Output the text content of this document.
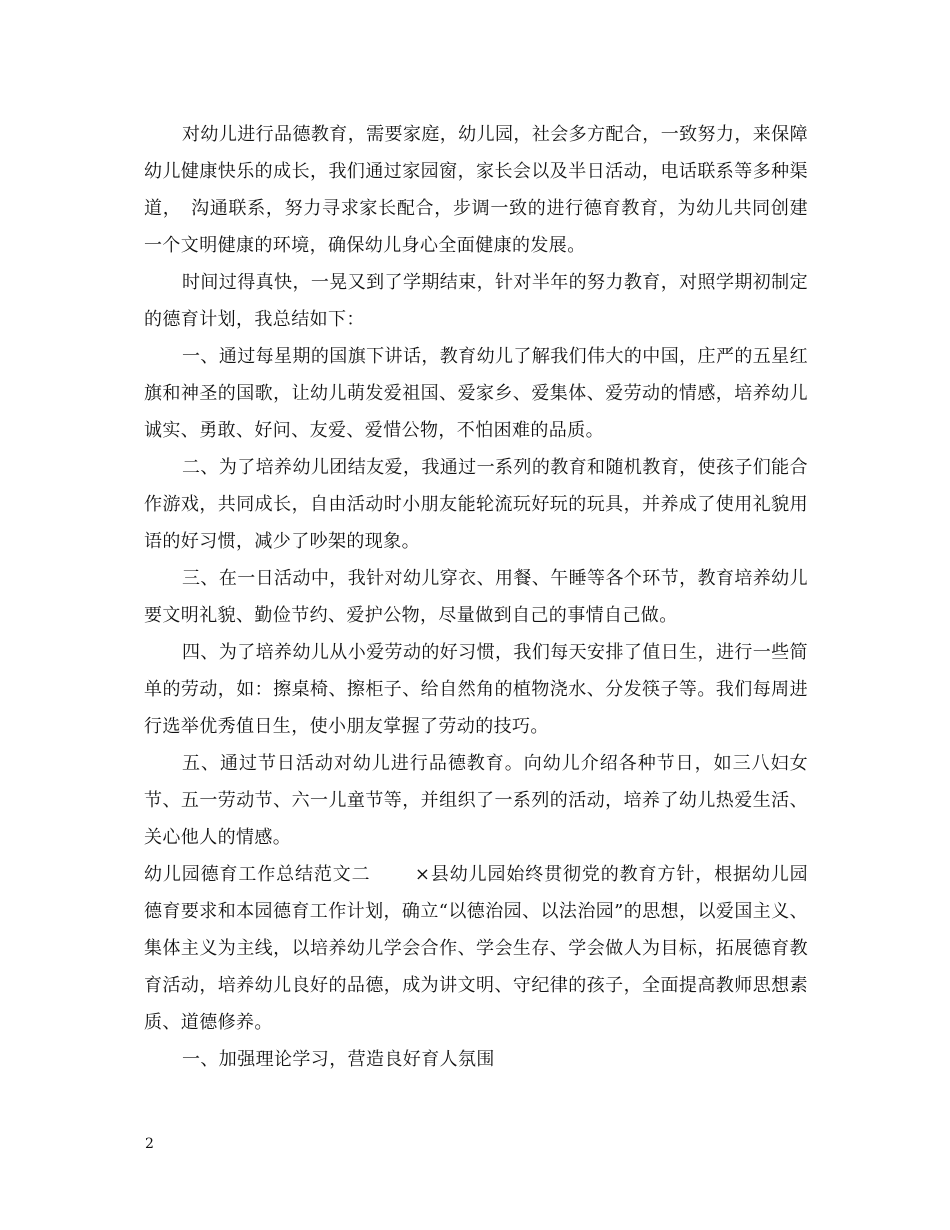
对幼儿进行品德教育，需要家庭，幼儿园，社会多方配合，一致努力，来保障幼儿健康快乐的成长，我们通过家园窗，家长会以及半日活动，电话联系等多种渠道，　沟通联系，努力寻求家长配合，步调一致的进行德育教育，为幼儿共同创建一个文明健康的环境，确保幼儿身心全面健康的发展。

时间过得真快，一晃又到了学期结束，针对半年的努力教育，对照学期初制定的德育计划，我总结如下：

一、通过每星期的国旗下讲话，教育幼儿了解我们伟大的中国，庄严的五星红旗和神圣的国歌，让幼儿萌发爱祖国、爱家乡、爱集体、爱劳动的情感，培养幼儿诚实、勇敢、好问、友爱、爱惜公物，不怕困难的品质。

二、为了培养幼儿团结友爱，我通过一系列的教育和随机教育，使孩子们能合作游戏，共同成长，自由活动时小朋友能轮流玩好玩的玩具，并养成了使用礼貌用语的好习惯，减少了吵架的现象。

三、在一日活动中，我针对幼儿穿衣、用餐、午睡等各个环节，教育培养幼儿要文明礼貌、勤俭节约、爱护公物，尽量做到自己的事情自己做。

四、为了培养幼儿从小爱劳动的好习惯，我们每天安排了值日生，进行一些简单的劳动，如：擦桌椅、擦柜子、给自然角的植物浇水、分发筷子等。我们每周进行选举优秀值日生，使小朋友掌握了劳动的技巧。

五、通过节日活动对幼儿进行品德教育。向幼儿介绍各种节日，如三八妇女节、五一劳动节、六一儿童节等，并组织了一系列的活动，培养了幼儿热爱生活、关心他人的情感。

幼儿园德育工作总结范文二　　 ×县幼儿园始终贯彻党的教育方针，根据幼儿园德育要求和本园德育工作计划，确立“以德治园、以法治园”的思想，以爱国主义、集体主义为主线，以培养幼儿学会合作、学会生存、学会做人为目标，拓展德育教育活动，培养幼儿良好的品德，成为讲文明、守纪律的孩子，全面提高教师思想素质、道德修养。

一、加强理论学习，营造良好育人氛围

2
